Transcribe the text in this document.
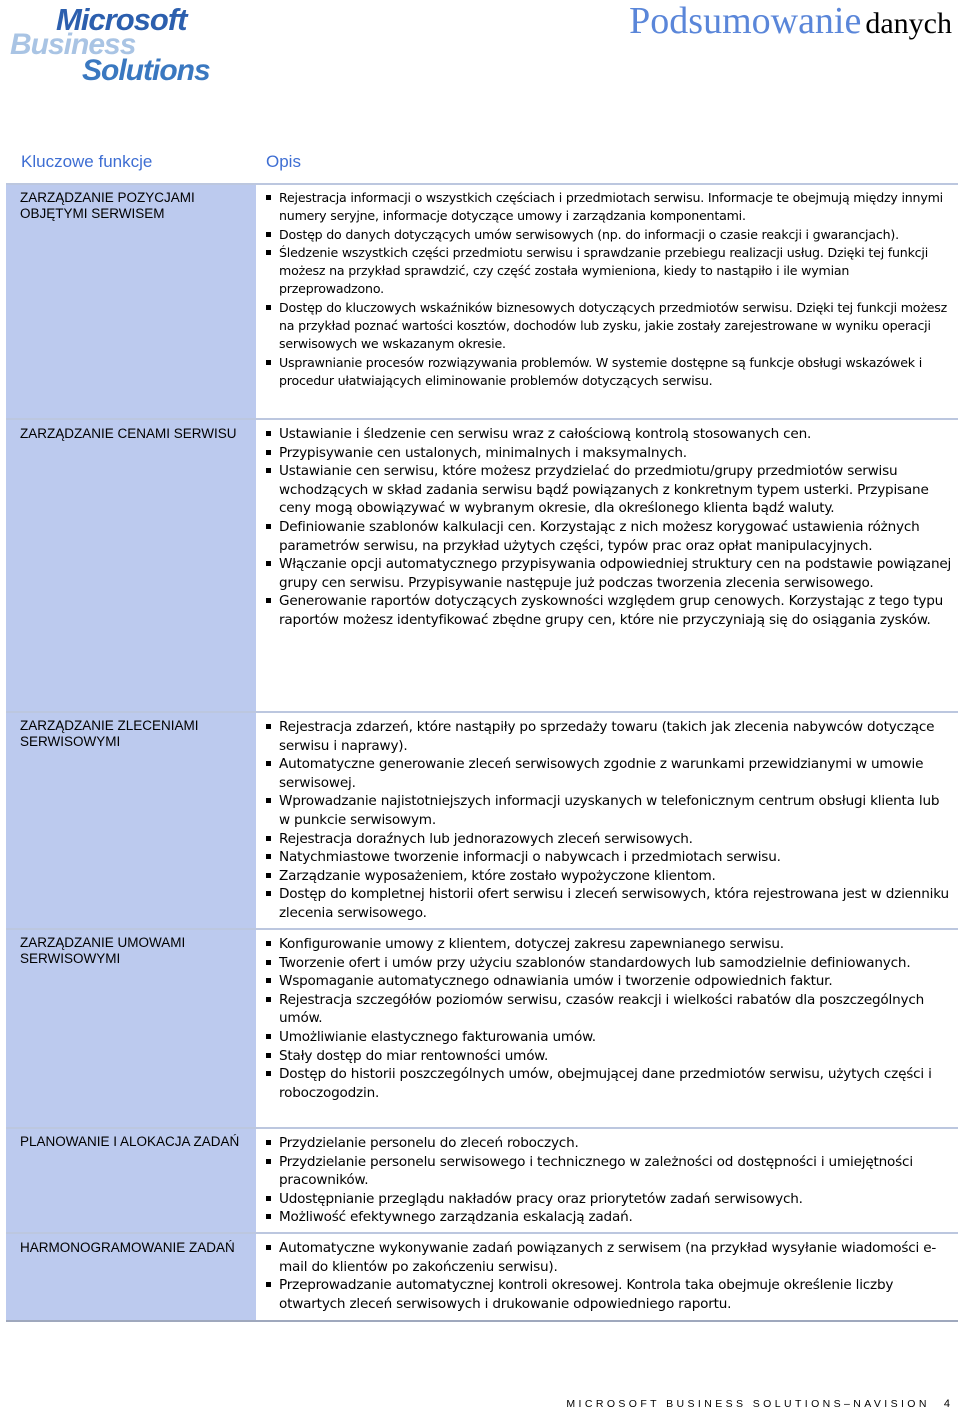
Microsoft
Business
Solutions
Podsumowanie danych
Kluczowe funkcje	Opis
ZARZĄDZANIE POZYCJAMI OBJĘTYMI SERWISEM
Rejestracja informacji o wszystkich częściach i przedmiotach serwisu. Informacje te obejmują między innymi numery seryjne, informacje dotyczące umowy i zarządzania komponentami.
Dostęp do danych dotyczących umów serwisowych (np. do informacji o czasie reakcji i gwarancjach).
Śledzenie wszystkich części przedmiotu serwisu i sprawdzanie przebiegu realizacji usług. Dzięki tej funkcji możesz na przykład sprawdzić, czy część została wymieniona, kiedy to nastąpiło i ile wymian przeprowadzono.
Dostęp do kluczowych wskaźników biznesowych dotyczących przedmiotów serwisu. Dzięki tej funkcji możesz na przykład poznać wartości kosztów, dochodów lub zysku, jakie zostały zarejestrowane w wyniku operacji serwisowych we wskazanym okresie.
Usprawnianie procesów rozwiązywania problemów. W systemie dostępne są funkcje obsługi wskazówek i procedur ułatwiających eliminowanie problemów dotyczących serwisu.
ZARZĄDZANIE CENAMI SERWISU	Ustawianie i śledzenie cen serwisu wraz z całościową kontrolą stosowanych cen.
Przypisywanie cen ustalonych, minimalnych i maksymalnych.
Ustawianie cen serwisu, które możesz przydzielać do przedmiotu/grupy przedmiotów serwisu wchodzących w skład zadania serwisu bądź powiązanych z konkretnym typem usterki. Przypisane ceny mogą obowiązywać w wybranym okresie, dla określonego klienta bądź waluty.
Definiowanie szablonów kalkulacji cen. Korzystając z nich możesz korygować ustawienia różnych parametrów serwisu, na przykład użytych części, typów prac oraz opłat manipulacyjnych.
Włączanie opcji automatycznego przypisywania odpowiedniej struktury cen na podstawie powiązanej grupy cen serwisu. Przypisywanie następuje już podczas tworzenia zlecenia serwisowego.
Generowanie raportów dotyczących zyskowności względem grup cenowych. Korzystając z tego typu raportów możesz identyfikować zbędne grupy cen, które nie przyczyniają się do osiągania zysków.
ZARZĄDZANIE ZLECENIAMI SERWISOWYMI
Rejestracja zdarzeń, które nastąpiły po sprzedaży towaru (takich jak zlecenia nabywców dotyczące serwisu i naprawy).
Automatyczne generowanie zleceń serwisowych zgodnie z warunkami przewidzianymi w umowie serwisowej.
Wprowadzanie najistotniejszych informacji uzyskanych w telefonicznym centrum obsługi klienta lub w punkcie serwisowym.
Rejestracja doraźnych lub jednorazowych zleceń serwisowych.
Natychmiastowe tworzenie informacji o nabywcach i przedmiotach serwisu.
Zarządzanie wyposażeniem, które zostało wypożyczone klientom.
Dostęp do kompletnej historii ofert serwisu i zleceń serwisowych, która rejestrowana jest w dzienniku zlecenia serwisowego.
ZARZĄDZANIE UMOWAMI SERWISOWYMI
Konfigurowanie umowy z klientem, dotyczej zakresu zapewnianego serwisu.
Tworzenie ofert i umów przy użyciu szablonów standardowych lub samodzielnie definiowanych.
Wspomaganie automatycznego odnawiania umów i tworzenie odpowiednich faktur.
Rejestracja szczegółów poziomów serwisu, czasów reakcji i wielkości rabatów dla poszczególnych umów.
Umożliwianie elastycznego fakturowania umów.
Stały dostęp do miar rentowności umów.
Dostęp do historii poszczególnych umów, obejmującej dane przedmiotów serwisu, użytych części i roboczogodzin.
PLANOWANIE I ALOKACJA ZADAŃ	Przydzielanie personelu do zleceń roboczych.
Przydzielanie personelu serwisowego i technicznego w zależności od dostępności i umiejętności pracowników.
Udostępnianie przeglądu nakładów pracy oraz priorytetów zadań serwisowych.
Możliwość efektywnego zarządzania eskalacją zadań.
HARMONOGRAMOWANIE ZADAŃ	Automatyczne wykonywanie zadań powiązanych z serwisem (na przykład wysyłanie wiadomości e-mail do klientów po zakończeniu serwisu).
Przeprowadzanie automatycznej kontroli okresowej. Kontrola taka obejmuje określenie liczby otwartych zleceń serwisowych i drukowanie odpowiedniego raportu.
MICROSOFT BUSINESS SOLUTIONS–NAVISION 4
